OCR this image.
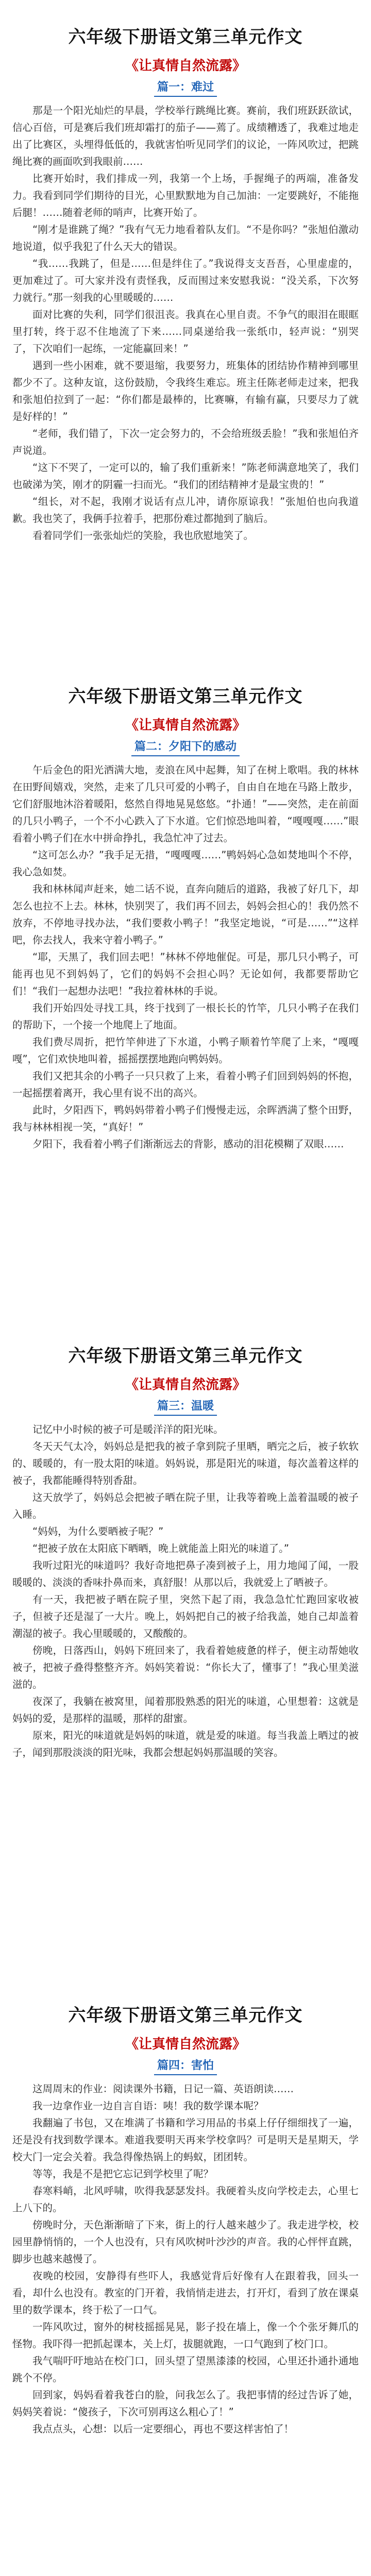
六年级下册语文第三单元作文
《让真情自然流露》
篇一：难过

那是一个阳光灿烂的早晨，学校举行跳绳比赛。赛前，我们班跃跃欲试，信心百倍，可是赛后我们班却霜打的茄子——蔫了。成绩糟透了，我难过地走出了比赛区，头埋得低低的，我就害怕听见同学们的议论，一阵风吹过，把跳绳比赛的画面吹到我眼前……

比赛开始时，我们排成一列，我第一个上场，手握绳子的两端，准备发力。我看到同学们期待的目光，心里默默地为自己加油：一定要跳好，不能拖后腿！……随着老师的哨声，比赛开始了。

“刚才是谁跳了绳？”我有气无力地看着队友们。“不是你吗？”张旭伯激动地说道，似乎我犯了什么天大的错误。

“我……我跳了，但是……但是绊住了。”我说得支支吾吾，心里虚虚的，更加难过了。可大家并没有责怪我，反而围过来安慰我说：“没关系，下次努力就行。”那一刻我的心里暖暖的……

面对比赛的失利，同学们很沮丧。我真在心里自责。不争气的眼泪在眼眶里打转，终于忍不住地流了下来……同桌递给我一张纸巾，轻声说：“别哭了，下次咱们一起练，一定能赢回来！”

遇到一些小困难，就不要退缩，我要努力，班集体的团结协作精神到哪里都少不了。这种友谊，这份鼓励，令我终生难忘。班主任陈老师走过来，把我和张旭伯拉到了一起：“你们都是最棒的，比赛嘛，有输有赢，只要尽力了就是好样的！”

“老师，我们错了，下次一定会努力的，不会给班级丢脸！”我和张旭伯齐声说道。

“这下不哭了，一定可以的，输了我们重新来！”陈老师满意地笑了，我们也破涕为笑，刚才的阴霾一扫而光。“我们的团结精神才是最宝贵的！”

“组长，对不起，我刚才说话有点儿冲，请你原谅我！”张旭伯也向我道歉。我也笑了，我俩手拉着手，把那份难过都抛到了脑后。

看着同学们一张张灿烂的笑脸，我也欣慰地笑了。

六年级下册语文第三单元作文
《让真情自然流露》
篇二：夕阳下的感动

午后金色的阳光洒满大地，麦浪在风中起舞，知了在树上歌唱。我的林林在田野间嬉戏，突然，走来了几只可爱的小鸭子，自由自在地在马路上散步，它们舒服地沐浴着暖阳，悠然自得地晃晃悠悠。“扑通！”——突然，走在前面的几只小鸭子，一个不小心跌入了下水道。它们惊恐地叫着，“嘎嘎嘎……”眼看着小鸭子们在水中拼命挣扎，我急忙冲了过去。

“这可怎么办？”我手足无措，“嘎嘎嘎……”鸭妈妈心急如焚地叫个不停，我心急如焚。

我和林林闻声赶来，她二话不说，直奔向随后的道路，我被了好几下，却怎么也拉不上去。林林，快别哭了，我们再不回去，妈妈会担心的！我仍然不放弃，不停地寻找办法，“我们要救小鸭子！”我坚定地说，“可是……”“这样吧，你去找人，我来守着小鸭子。”

“耶，天黑了，我们回去吧！”林林不停地催促。可是，那几只小鸭子，可能再也见不到妈妈了，它们的妈妈不会担心吗？无论如何，我都要帮助它们！“我们一起想办法吧！”我拉着林林的手说。

我们开始四处寻找工具，终于找到了一根长长的竹竿，几只小鸭子在我们的帮助下，一个接一个地爬上了地面。

我们费尽周折，把竹竿伸进了下水道，小鸭子顺着竹竿爬了上来，“嘎嘎嘎”，它们欢快地叫着，摇摇摆摆地跑向鸭妈妈。

我们又把其余的小鸭子一只只救了上来，看着小鸭子们回到妈妈的怀抱，一起摇摆着离开，我心里有说不出的高兴。

此时，夕阳西下，鸭妈妈带着小鸭子们慢慢走远，余晖洒满了整个田野，我与林林相视一笑，“真好！”

夕阳下，我看着小鸭子们渐渐远去的背影，感动的泪花模糊了双眼……

六年级下册语文第三单元作文
《让真情自然流露》
篇三：温暖

记忆中小时候的被子可是暖洋洋的阳光味。

冬天天气太冷，妈妈总是把我的被子拿到院子里晒，晒完之后，被子软软的、暖暖的，有一股太阳的味道。妈妈说，那是阳光的味道，每次盖着这样的被子，我都能睡得特别香甜。

这天放学了，妈妈总会把被子晒在院子里，让我等着晚上盖着温暖的被子入睡。

“妈妈，为什么要晒被子呢？”

“把被子放在太阳底下晒晒，晚上就能盖上阳光的味道了。”

我听过阳光的味道吗？我好奇地把鼻子凑到被子上，用力地闻了闻，一股暖暖的、淡淡的香味扑鼻而来，真舒服！从那以后，我就爱上了晒被子。

有一天，我把被子晒在院子里，突然下起了雨，我急急忙忙跑回家收被子，但被子还是湿了一大片。晚上，妈妈把自己的被子给我盖，她自己却盖着潮湿的被子。我心里暖暖的，又酸酸的。

傍晚，日落西山，妈妈下班回来了，我看着她疲惫的样子，便主动帮她收被子，把被子叠得整整齐齐。妈妈笑着说：“你长大了，懂事了！”我心里美滋滋的。

夜深了，我躺在被窝里，闻着那股熟悉的阳光的味道，心里想着：这就是妈妈的爱，是那样的温暖，那样的甜蜜。

原来，阳光的味道就是妈妈的味道，就是爱的味道。每当我盖上晒过的被子，闻到那股淡淡的阳光味，我都会想起妈妈那温暖的笑容。

六年级下册语文第三单元作文
《让真情自然流露》
篇四：害怕

这周周末的作业：阅读课外书籍，日记一篇、英语朗读……

我一边拿作业一边自言自语：咦！我的数学课本呢？

我翻遍了书包，又在堆满了书籍和学习用品的书桌上仔仔细细找了一遍，还是没有找到数学课本。难道我要明天再来学校拿吗？可是明天是星期天，学校大门一定会关着。我急得像热锅上的蚂蚁，团团转。

等等，我是不是把它忘记到学校里了呢？

春寒料峭，北风呼啸，吹得我瑟瑟发抖。我硬着头皮向学校走去，心里七上八下的。

傍晚时分，天色渐渐暗了下来，街上的行人越来越少了。我走进学校，校园里静悄悄的，一个人也没有，只有风吹树叶沙沙的声音。我的心怦怦直跳，脚步也越来越慢了。

夜晚的校园，安静得有些吓人，我感觉背后好像有人在跟着我，回头一看，却什么也没有。教室的门开着，我悄悄走进去，打开灯，看到了放在课桌里的数学课本，终于松了一口气。

一阵风吹过，窗外的树枝摇摇晃晃，影子投在墙上，像一个个张牙舞爪的怪物。我吓得一把抓起课本，关上灯，拔腿就跑，一口气跑到了校门口。

我气喘吁吁地站在校门口，回头望了望黑漆漆的校园，心里还扑通扑通地跳个不停。

回到家，妈妈看着我苍白的脸，问我怎么了。我把事情的经过告诉了她，妈妈笑着说：“傻孩子，下次可别再这么粗心了！”

我点点头，心想：以后一定要细心，再也不要这样害怕了！
